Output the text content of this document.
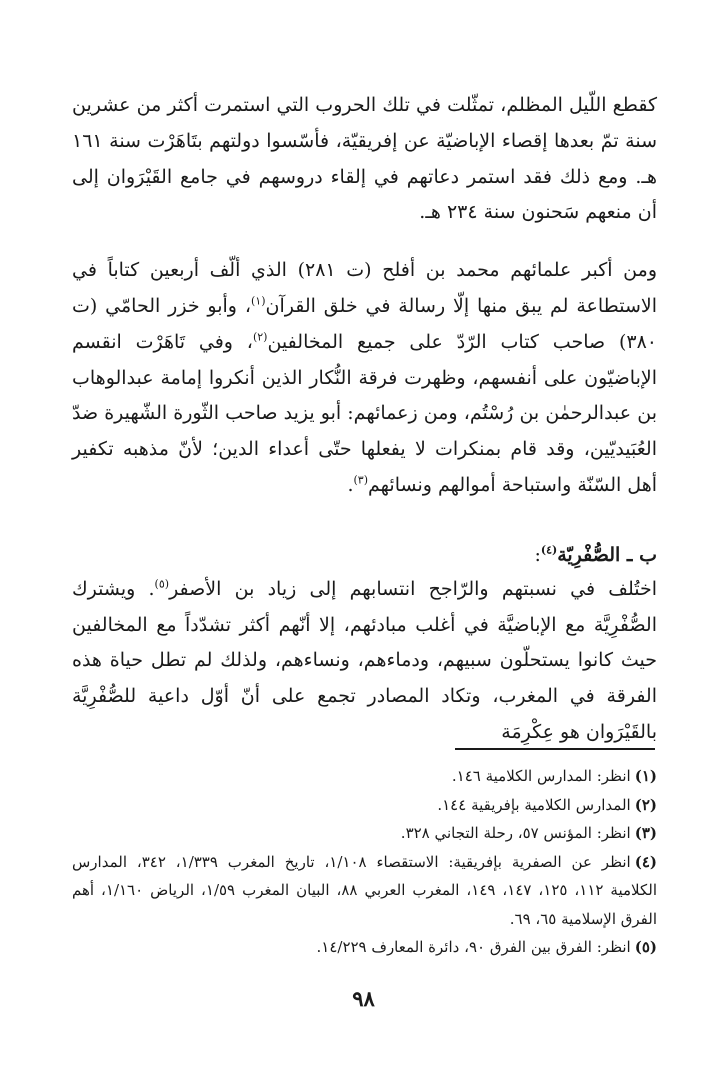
كقطع اللّيل المظلم، تمثّلت في تلك الحروب التي استمرت أكثر من عشرين سنة تمّ بعدها إقصاء الإباضيّة عن إفريقيّة، فأسّسوا دولتهم بتَاهَرْت سنة ١٦١ هـ. ومع ذلك فقد استمر دعاتهم في إلقاء دروسهم في جامع القَيْرَوان إلى أن منعهم سَحنون سنة ٢٣٤ هـ.

ومن أكبر علمائهم محمد بن أفلح (ت ٢٨١) الذي ألّف أربعين كتاباً في الاستطاعة لم يبق منها إلّا رسالة في خلق القرآن$^{(١)}$، وأبو خزر الحامّي (ت ٣٨٠) صاحب كتاب الرّدّ على جميع المخالفين$^{(٢)}$، وفي تَاهَرْت انقسم الإباضيّون على أنفسهم، وظهرت فرقة النُّكار الذين أنكروا إمامة عبدالوهاب بن عبدالرحمٰن بن رُسْتُم، ومن زعمائهم: أبو يزيد صاحب الثّورة الشّهيرة ضدّ العُبَيديّين، وقد قام بمنكرات لا يفعلها حتّى أعداء الدين؛ لأنّ مذهبه تكفير أهل السّنّة واستباحة أموالهم ونسائهم$^{(٣)}$.

ب ـ الصُّفْرِيّة$^{(٤)}$:

اختُلف في نسبتهم والرّاجح انتسابهم إلى زياد بن الأصفر$^{(٥)}$. ويشترك الصُّفْرِيَّة مع الإباضيَّة في أغلب مبادئهم، إلا أنّهم أكثر تشدّداً مع المخالفين حيث كانوا يستحلّون سبيهم، ودماءهم، ونساءهم، ولذلك لم تطل حياة هذه الفرقة في المغرب، وتكاد المصادر تجمع على أنّ أوّل داعية للصُّفْرِيَّة بالقَيْرَوان هو عِكْرِمَة

(١)انظر: المدارس الكلامية ١٤٦.

(٢)المدارس الكلامية بإفريقية ١٤٤.

(٣)انظر: المؤنس ٥٧، رحلة التجاني ٣٢٨.

(٤)انظر عن الصفرية بإفريقية: الاستقصاء ١/١٠٨، تاريخ المغرب ١/٣٣٩، ٣٤٢، المدارس الكلامية ١١٢، ١٢٥، ١٤٧، ١٤٩، المغرب العربي ٨٨، البيان المغرب ١/٥٩، الرياض ١/١٦٠، أهم الفرق الإسلامية ٦٥، ٦٩.

(٥)انظر: الفرق بين الفرق ٩٠، دائرة المعارف ١٤/٢٢٩.

٩٨
